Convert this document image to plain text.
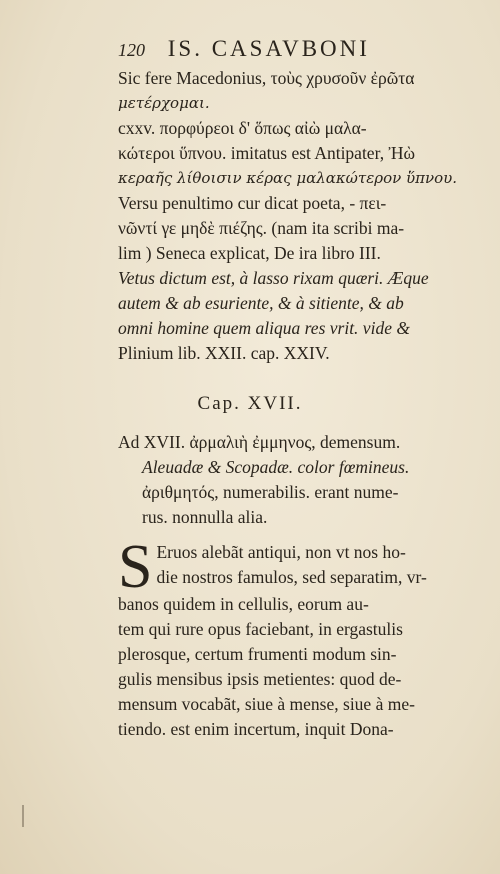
120 IS. CASAVBONI
Sic fere Macedonius, τοὺς χρυσοῦν ἐρῶτα
μετέρχομαι.
cxxv. πορφύρεοι δ' ὅπως αἰὼ μαλα-
κώτεροι ὕπνου. imitatus est Antipater, Ἠὼ
κεραῆς λίθοισιν κέρας μαλακώτερον ὕπνου.
Versu penultimo cur dicat poeta, - πει-
νῶντί γε μηδὲ πιέζης. (nam ita scribi ma-
lim ) Seneca explicat, De ira libro III.
Vetus dictum est, à lasso rixam quæri. Æque
autem & ab esuriente, & à sitiente, & ab
omni homine quem aliqua res vrit. vide &
Plinium lib. XXII. cap. XXIV.
Cap. XVII.
Ad XVII. ἀρμαλιὴ ἐμμηνος, demensum.
Aleuadæ & Scopadæ. color fœmineus.
ἀριθμητός, numerabilis. erant nume-
rus. nonnulla alia.
S Eruos alebãt antiqui, non vt nos ho-
die nostros famulos, sed separatim, vr-
banos quidem in cellulis, eorum au-
tem qui rure opus faciebant, in ergastulis
plerosque, certum frumenti modum sin-
gulis mensibus ipsis metientes: quod de-
mensum vocabãt, siue à mense, siue à me-
tiendo. est enim incertum, inquit Dona-
